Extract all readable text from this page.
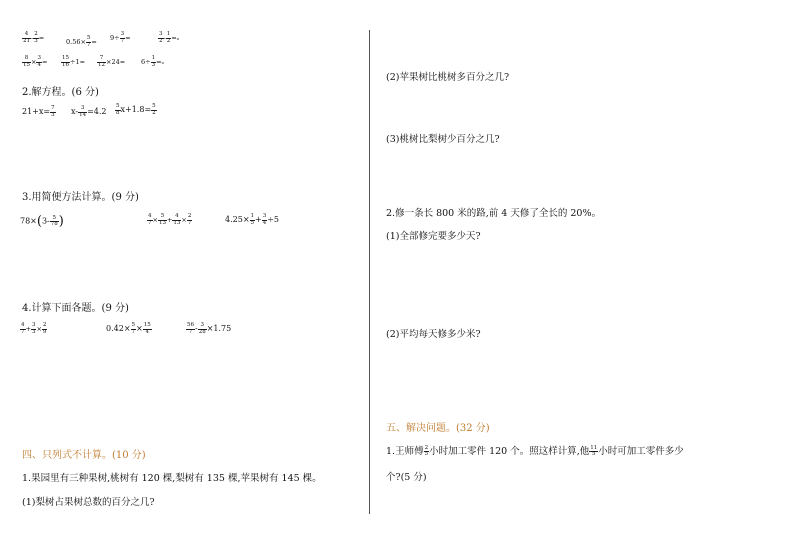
$\frac{4}{21} - \frac{2}{3}$ =	$0.56\times \frac{5}{7} = 9\div \frac{3}{7}$ =	$\frac{3}{2} - \frac{1}{2} =_o$
$\frac{8}{15} \times \frac{3}{4} = \frac{15}{16} \div 1= \frac{7}{12} \times 24= 6\div \frac{1}{3} =_o$
2.解方程。(6 分)
$21+x= \frac{7}{3} x- \frac{3}{14} =4.2 \frac{5}{8} x+1.8= \frac{5}{2}$
3.用简便方法计算。(9 分)
$78\times(3- \frac{5}{78}$ )	$\frac{4}{7} \times \frac{5}{13} + \frac{4}{13} \times \frac{2}{7}$	$4.25\times \frac{1}{5} + \frac{3}{4} \div 5$
4.计算下面各题。(9 分)
$\frac{4}{7} + \frac{3}{3} \times \frac{2}{9}$	$0.42\times \frac{5}{7} \times \frac{15}{4}$	$\frac{56}{7} - \frac{3}{28} \times 1.75$
四、只列式不计算。(10 分)
1.果园里有三种果树,桃树有 120 棵,梨树有 135 棵,苹果树有 145 棵。
(1)梨树占果树总数的百分之几?
(2)苹果树比桃树多百分之几?
(3)桃树比梨树少百分之几?
2.修一条长 800 米的路,前 4 天修了全长的 20%。
(1)全部修完要多少天?
(2)平均每天修多少米?
五、解决问题。(32 分)
1.王师傅 $\frac{2}{5}$ 小时加工零件 120 个。照这样计算,他 $\frac{11}{5}$ 小时可加工零件多少
个?(5 分)
